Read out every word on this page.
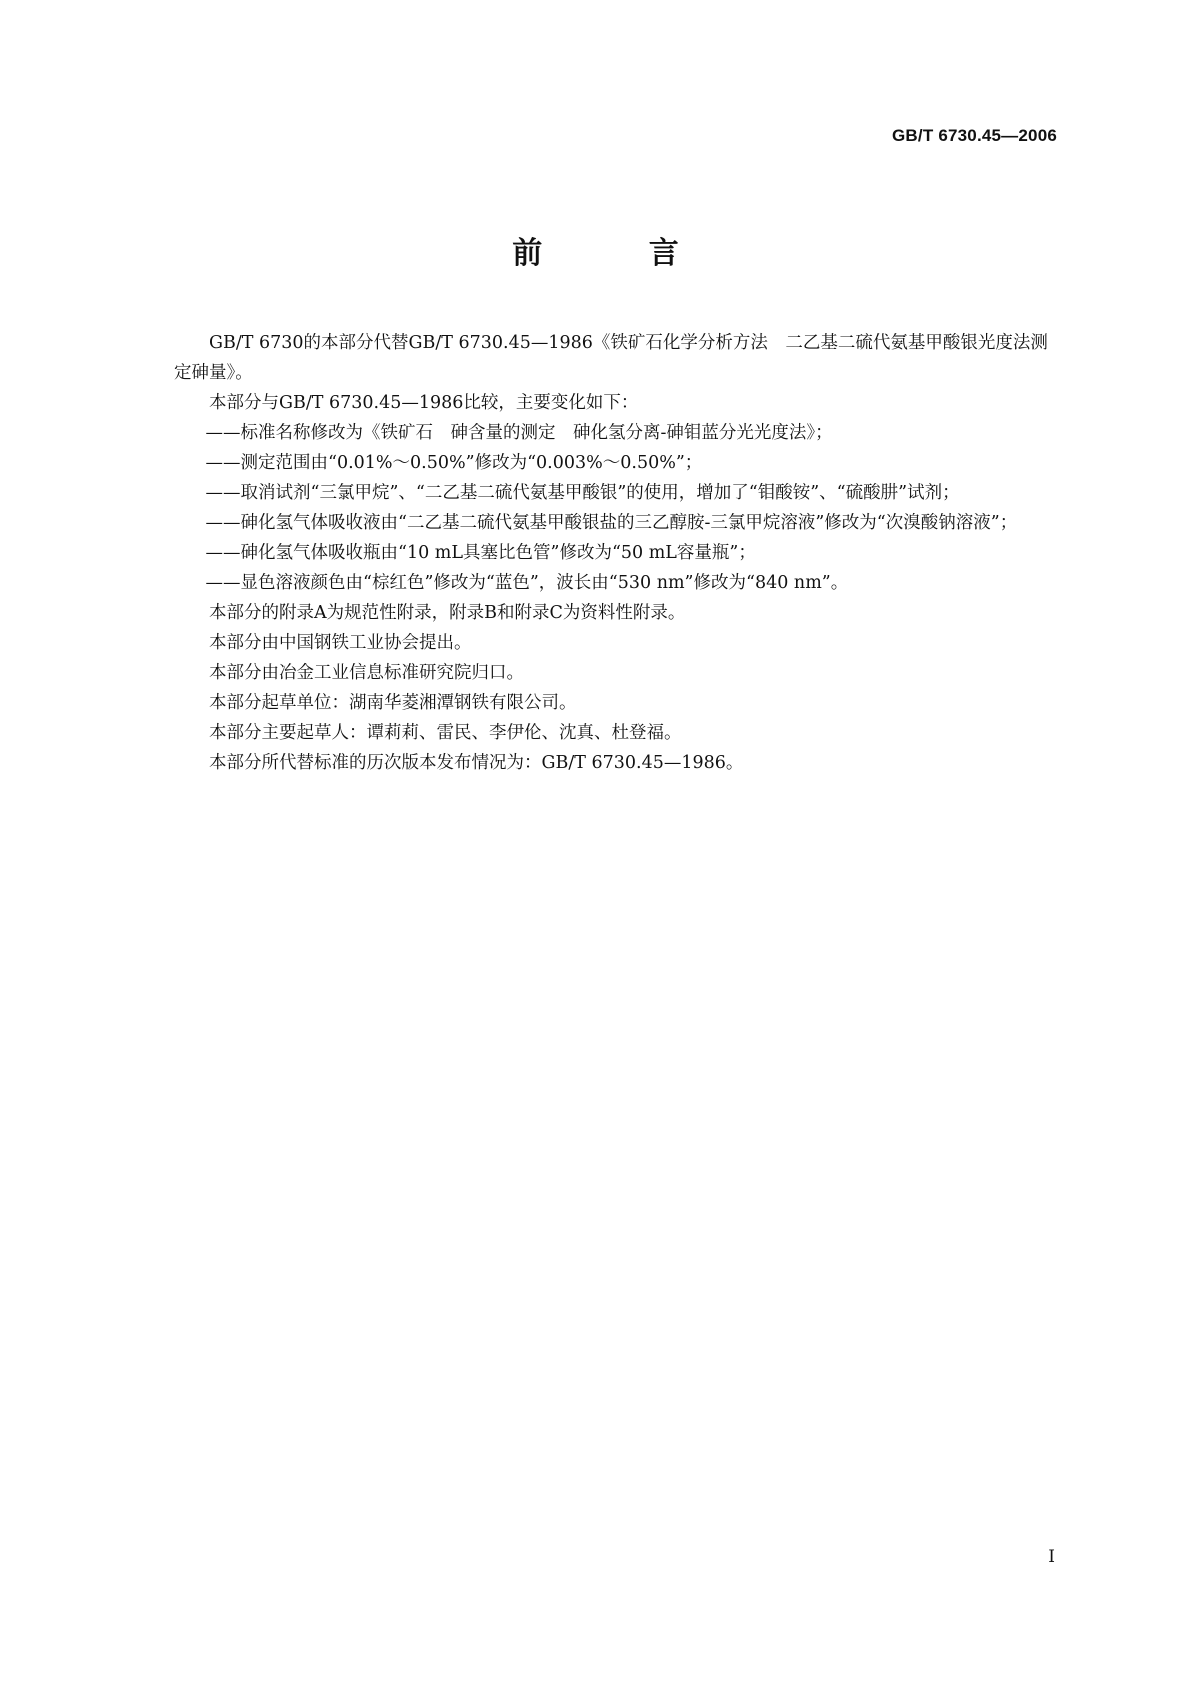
GB/T 6730.45—2006
前 言

GB/T 6730的本部分代替GB/T 6730.45—1986《铁矿石化学分析方法　二乙基二硫代氨基甲酸银光度法测定砷量》。

本部分与GB/T 6730.45—1986比较，主要变化如下：

——标准名称修改为《铁矿石　砷含量的测定　砷化氢分离-砷钼蓝分光光度法》；

——测定范围由“0.01%～0.50%”修改为“0.003%～0.50%”；

——取消试剂“三氯甲烷”、“二乙基二硫代氨基甲酸银”的使用，增加了“钼酸铵”、“硫酸肼”试剂；

——砷化氢气体吸收液由“二乙基二硫代氨基甲酸银盐的三乙醇胺-三氯甲烷溶液”修改为“次溴酸钠溶液”；

——砷化氢气体吸收瓶由“10 mL具塞比色管”修改为“50 mL容量瓶”；

——显色溶液颜色由“棕红色”修改为“蓝色”，波长由“530 nm”修改为“840 nm”。

本部分的附录A为规范性附录，附录B和附录C为资料性附录。

本部分由中国钢铁工业协会提出。

本部分由冶金工业信息标准研究院归口。

本部分起草单位：湖南华菱湘潭钢铁有限公司。

本部分主要起草人：谭莉莉、雷民、李伊伦、沈真、杜登福。

本部分所代替标准的历次版本发布情况为：GB/T 6730.45—1986。

I
